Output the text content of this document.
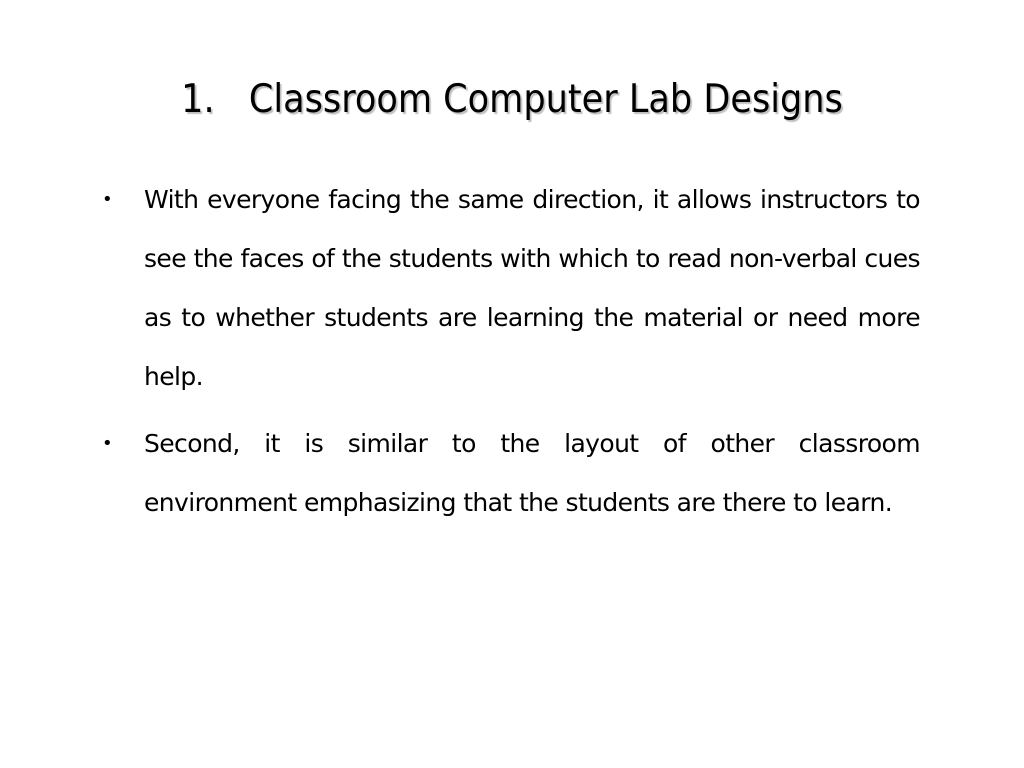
1. Classroom Computer Lab Designs
• With everyone facing the same direction, it allows instructors to see the faces of the students with which to read non-verbal cues as to whether students are learning the material or need more help.
• Second, it is similar to the layout of other classroom environment emphasizing that the students are there to learn.
